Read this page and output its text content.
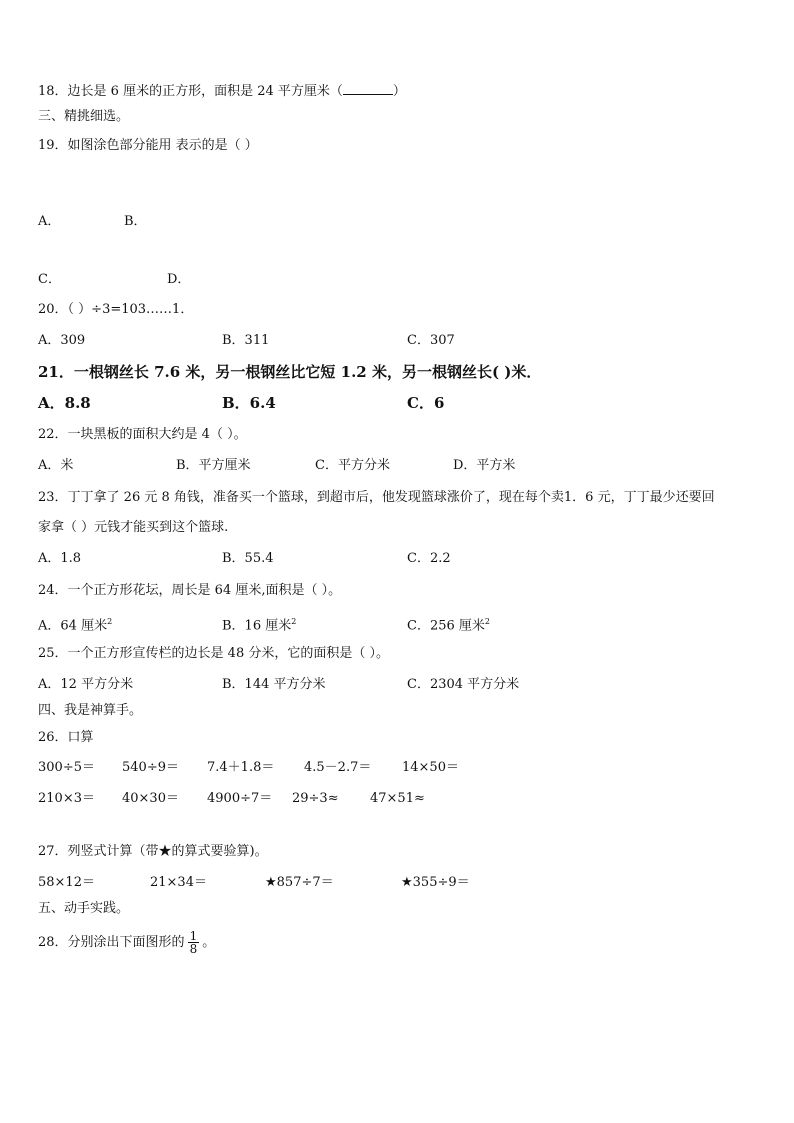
18．边长是 6 厘米的正方形，面积是 24 平方厘米（	）
三、精挑细选。
19．如图涂色部分能用 表示的是（ ）
A．	B．
C．	D．
20．（ ）÷3=103……1．
A．309	B．311	C．307
21．一根钢丝长 7.6 米，另一根钢丝比它短 1.2 米，另一根钢丝长( )米．
A．8.8	B．6.4	C．6
22．一块黑板的面积大约是 4（ ）。
A．米	B．平方厘米	C．平方分米	D．平方米
23．丁丁拿了 26 元 8 角钱，准备买一个篮球，到超市后，他发现篮球涨价了，现在每个卖1．6 元，丁丁最少还要回
家拿（ ）元钱才能买到这个篮球.
A．1.8	B．55.4	C．2.2
24．一个正方形花坛，周长是 64 厘米,面积是（ ）。
A．64 厘米$^2$	B．16 厘米$^2$	C．256 厘米$^2$
25．一个正方形宣传栏的边长是 48 分米，它的面积是（ ）。
A．12 平方分米	B．144 平方分米	C．2304 平方分米
四、我是神算手。
26．口算
300÷5＝ 540÷9＝ 7.4＋1.8＝ 4.5－2.7＝ 14×50＝
210×3＝ 40×30＝ 4900÷7＝ 29÷3≈ 47×51≈
27．列竖式计算（带★的算式要验算)。
58×12＝	21×34＝	★857÷7＝	★355÷9＝
五、动手实践。
28．分别涂出下面图形的 $\frac{1}{8}$ 。
